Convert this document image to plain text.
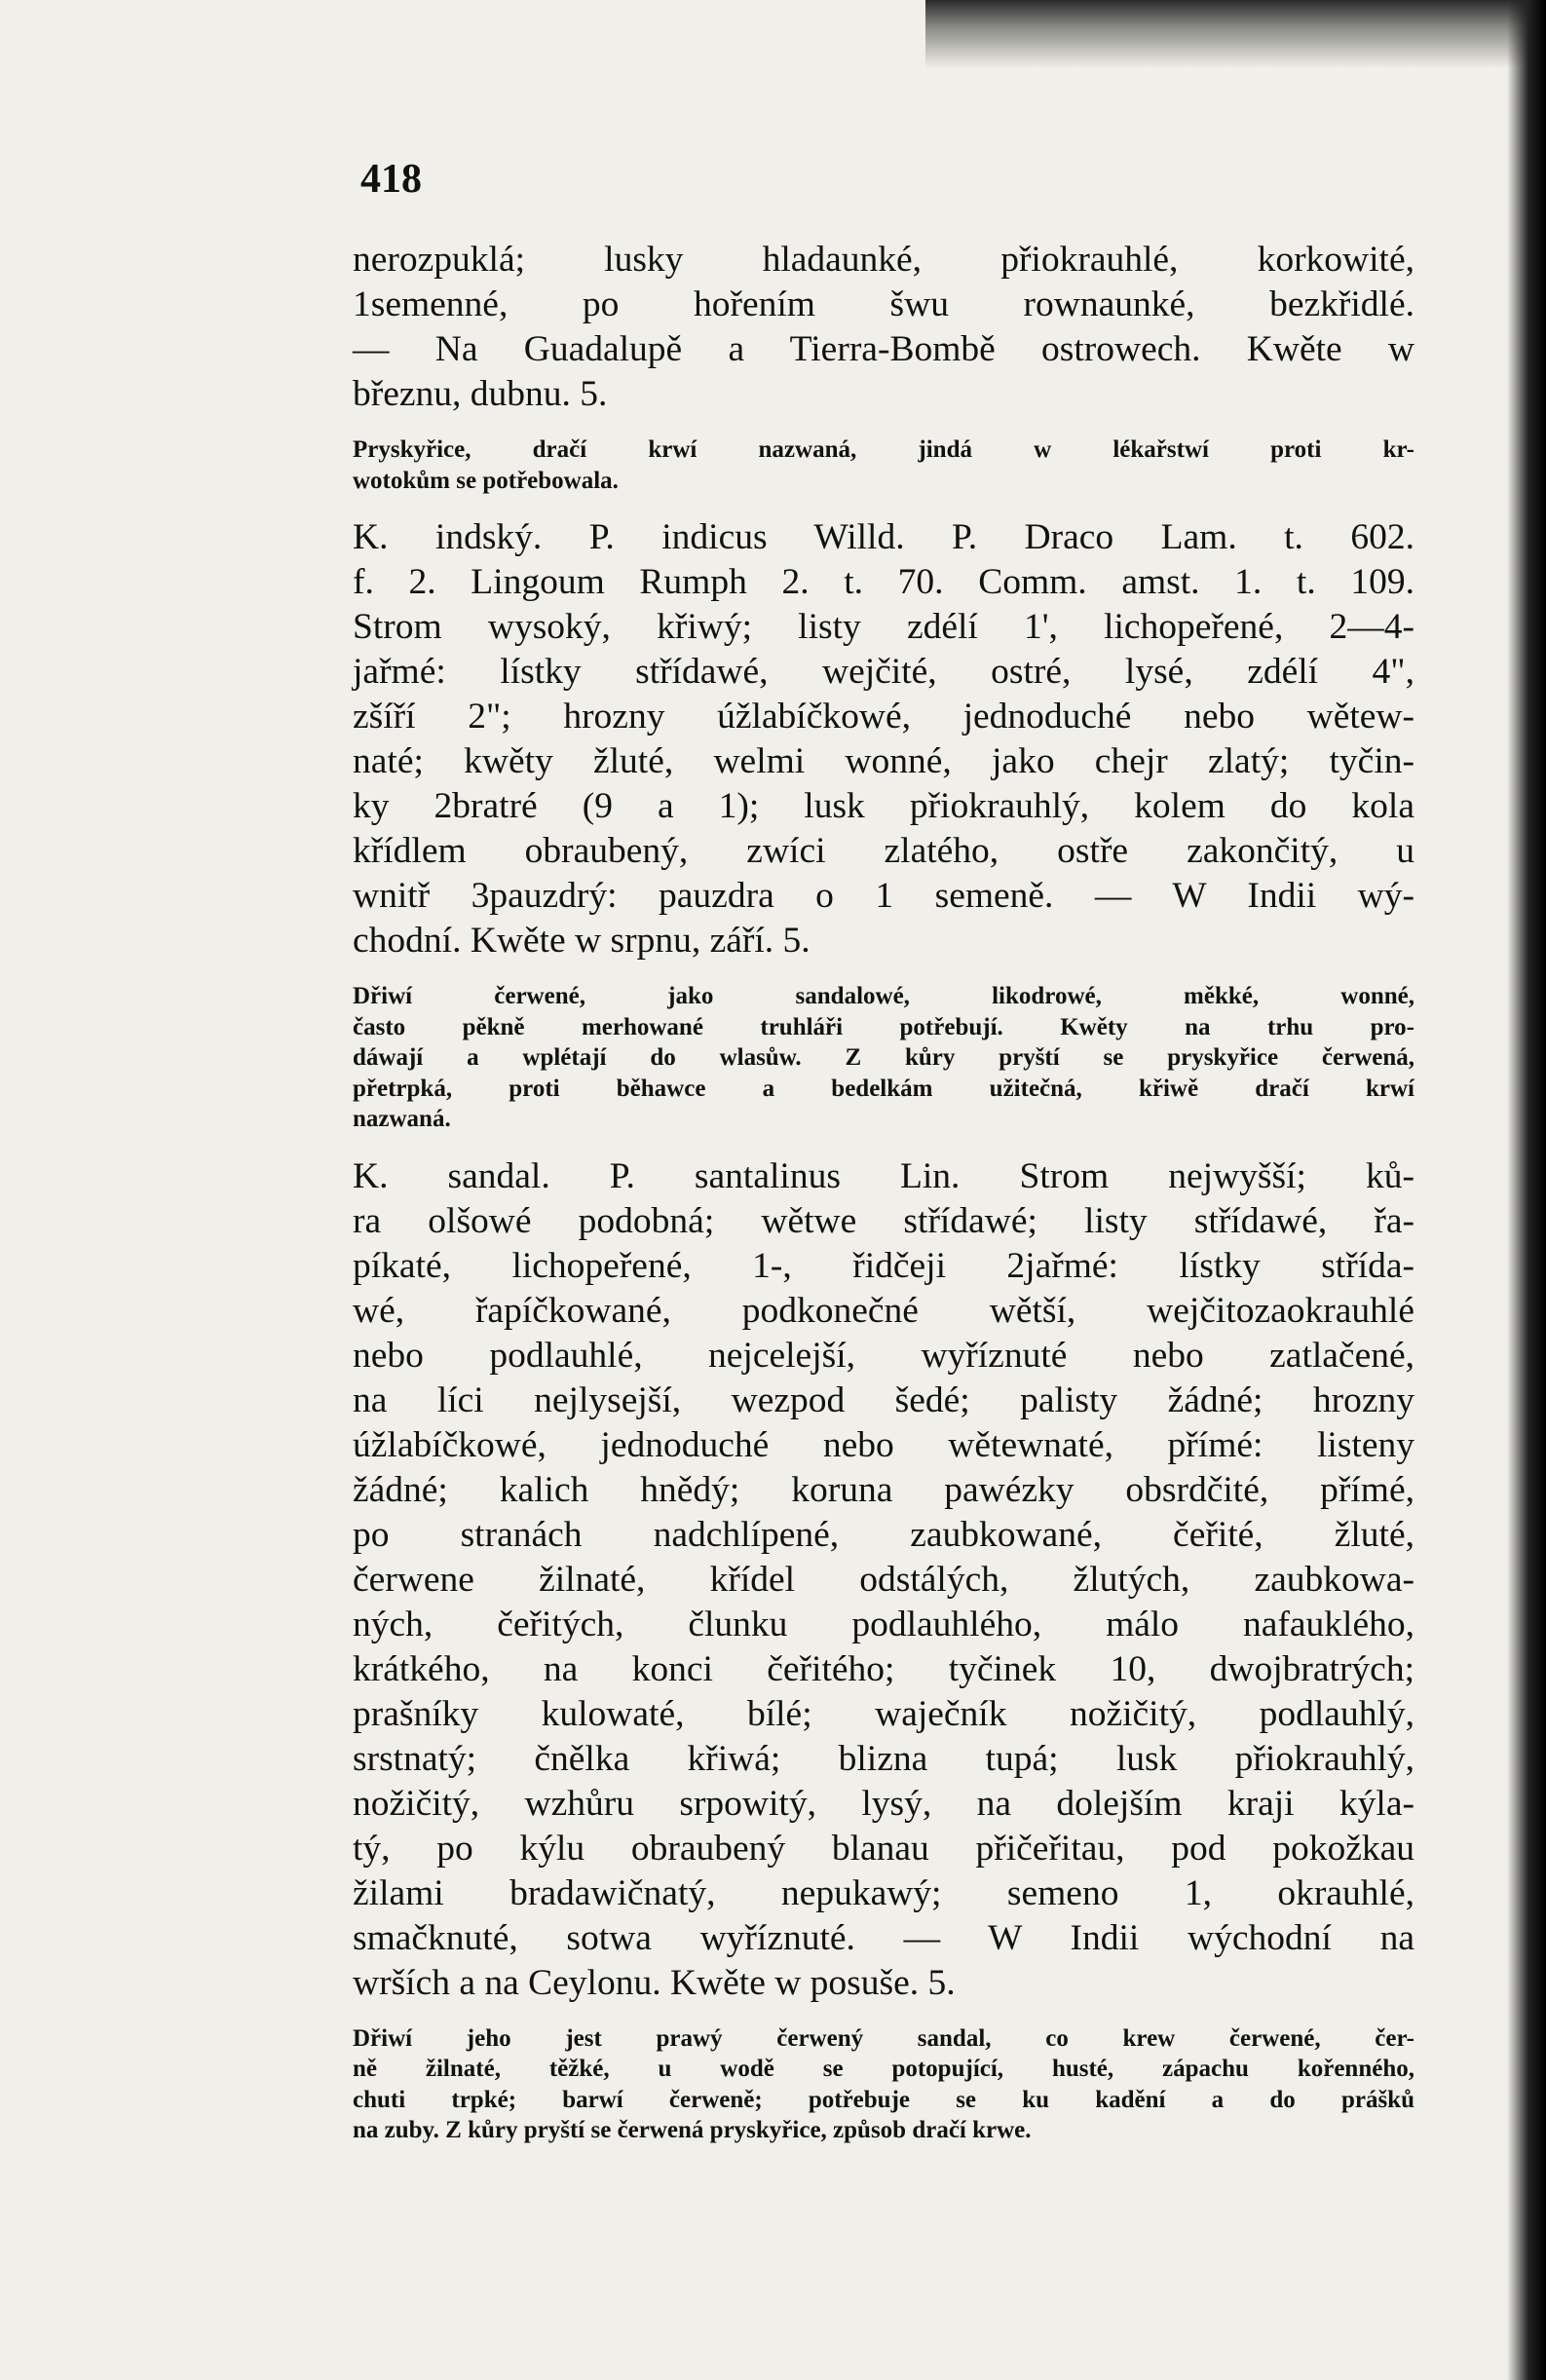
418
nerozpuklá; lusky hladaunké, přiokrauhlé, korkowité,
1semenné, po hořením šwu rownaunké, bezkřidlé.
— Na Guadalupě a Tierra-Bombě ostrowech. Kwěte w
březnu, dubnu. 5.
Pryskyřice, dračí krwí nazwaná, jindá w lékařstwí proti kr-
wotokům se potřebowala.
K. indský. P. indicus Willd. P. Draco Lam. t. 602.
f. 2. Lingoum Rumph 2. t. 70. Comm. amst. 1. t. 109.
Strom wysoký, křiwý; listy zdélí 1', lichopeřené, 2—4-
jařmé: lístky střídawé, wejčité, ostré, lysé, zdélí 4",
zšíří 2"; hrozny úžlabíčkowé, jednoduché nebo wětew-
naté; kwěty žluté, welmi wonné, jako chejr zlatý; tyčin-
ky 2bratré (9 a 1); lusk přiokrauhlý, kolem do kola
křídlem obraubený, zwíci zlatého, ostře zakončitý, u
wnitř 3pauzdrý: pauzdra o 1 semeně. — W Indii wý-
chodní. Kwěte w srpnu, září. 5.
Dřiwí čerwené, jako sandalowé, likodrowé, měkké, wonné,
často pěkně merhowané truhláři potřebují. Kwěty na trhu pro-
dáwají a wplétají do wlasůw. Z kůry pryští se pryskyřice čerwená,
přetrpká, proti běhawce a bedelkám užitečná, křiwě dračí krwí
nazwaná.
K. sandal. P. santalinus Lin. Strom nejwyšší; ků-
ra olšowé podobná; wětwe střídawé; listy střídawé, řa-
píkaté, lichopeřené, 1-, řidčeji 2jařmé: lístky střída-
wé, řapíčkowané, podkonečné wětší, wejčitozaokrauhlé
nebo podlauhlé, nejcelejší, wyříznuté nebo zatlačené,
na líci nejlysejší, wezpod šedé; palisty žádné; hrozny
úžlabíčkowé, jednoduché nebo wětewnaté, přímé: listeny
žádné; kalich hnědý; koruna pawézky obsrdčité, přímé,
po stranách nadchlípené, zaubkowané, čeřité, žluté,
čerwene žilnaté, křídel odstálých, žlutých, zaubkowa-
ných, čeřitých, člunku podlauhlého, málo nafauklého,
krátkého, na konci čeřitého; tyčinek 10, dwojbratrých;
prašníky kulowaté, bílé; waječník nožičitý, podlauhlý,
srstnatý; čnělka křiwá; blizna tupá; lusk přiokrauhlý,
nožičitý, wzhůru srpowitý, lysý, na dolejším kraji kýla-
tý, po kýlu obraubený blanau přičeřitau, pod pokožkau
žilami bradawičnatý, nepukawý; semeno 1, okrauhlé,
smačknuté, sotwa wyříznuté. — W Indii wýchodní na
wrších a na Ceylonu. Kwěte w posuše. 5.
Dřiwí jeho jest prawý čerwený sandal, co krew čerwené, čer-
ně žilnaté, těžké, u wodě se potopující, husté, zápachu kořenného,
chuti trpké; barwí čerweně; potřebuje se ku kadění a do prášků
na zuby. Z kůry pryští se čerwená pryskyřice, způsob dračí krwe.
